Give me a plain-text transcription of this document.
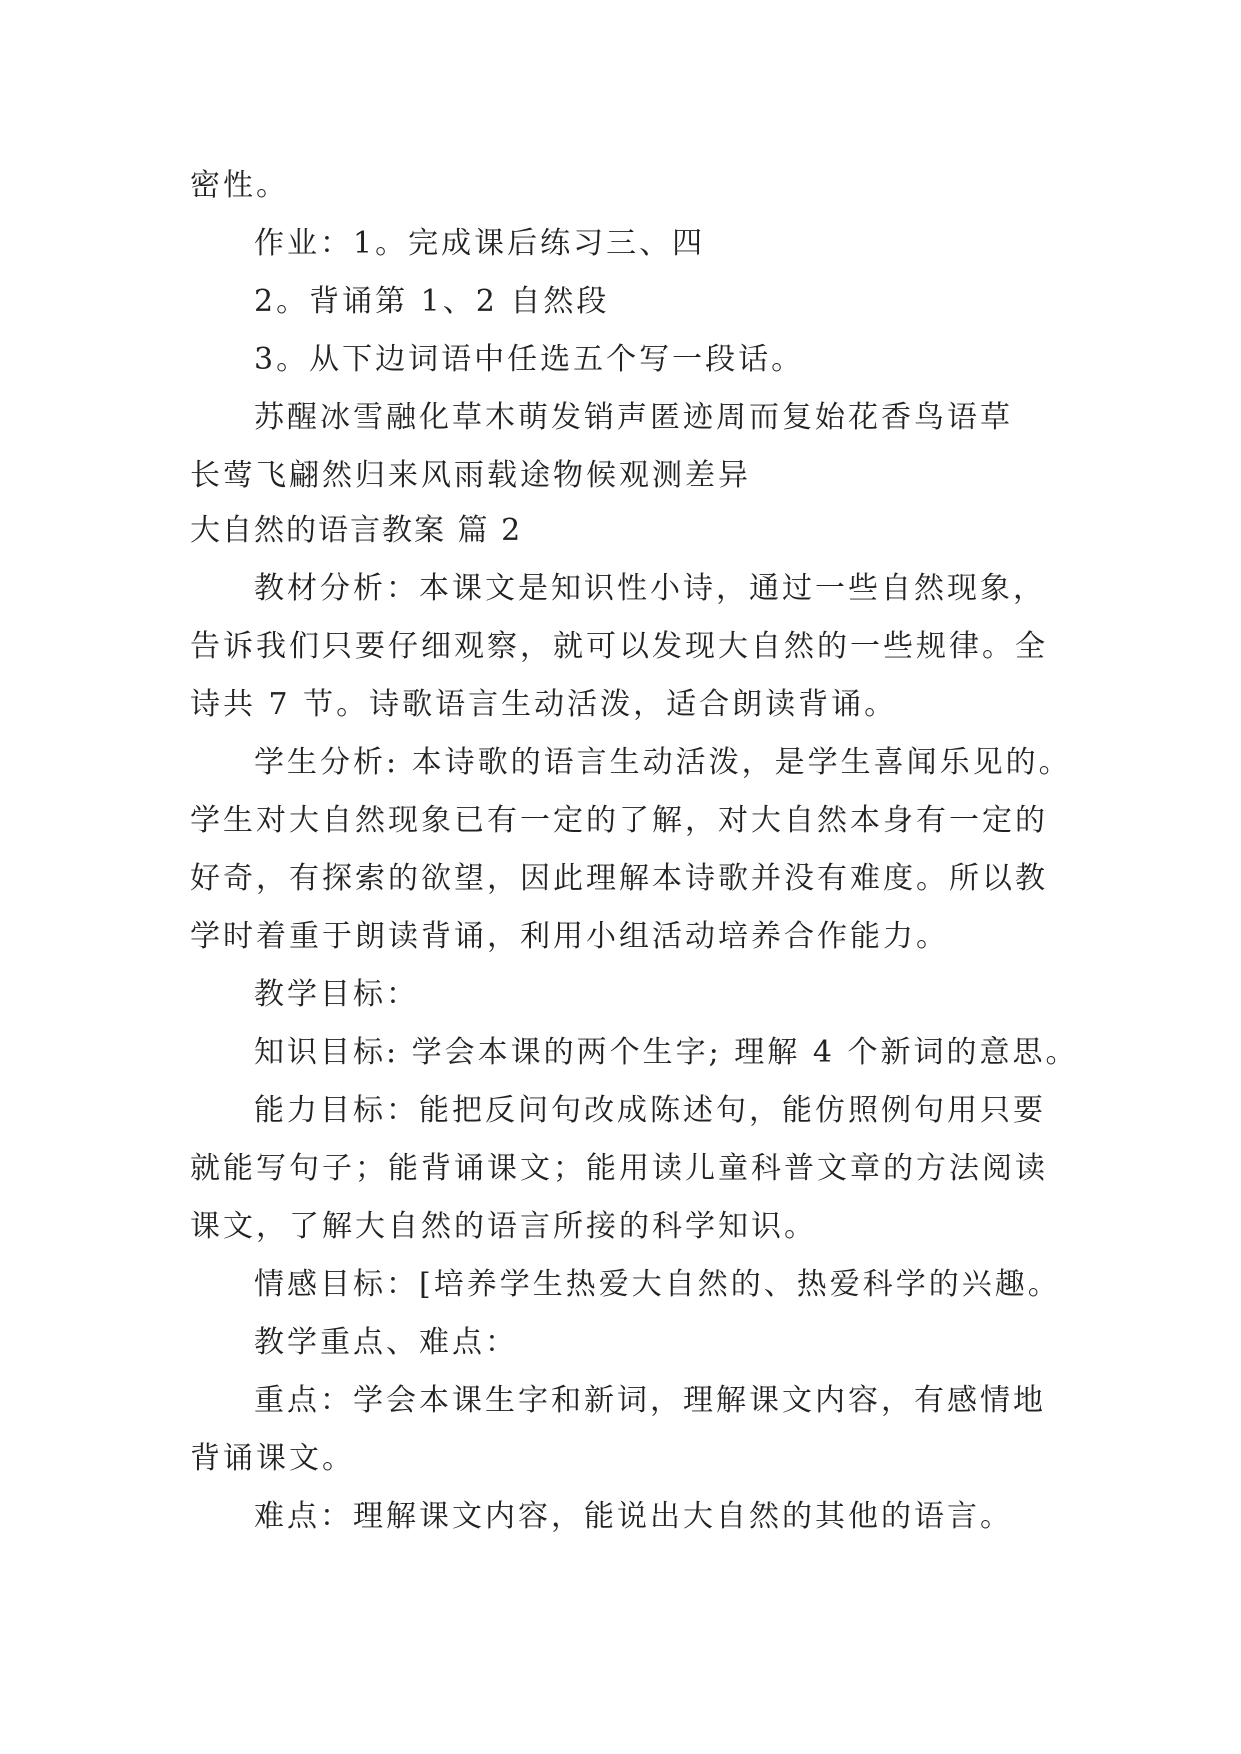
密性。
作业：1。完成课后练习三、四
2。背诵第 1、2 自然段
3。从下边词语中任选五个写一段话。
苏醒冰雪融化草木萌发销声匿迹周而复始花香鸟语草
长莺飞翩然归来风雨载途物候观测差异
大自然的语言教案 篇 2
教材分析：本课文是知识性小诗，通过一些自然现象，
告诉我们只要仔细观察，就可以发现大自然的一些规律。全
诗共 7 节。诗歌语言生动活泼，适合朗读背诵。
学生分析: 本诗歌的语言生动活泼，是学生喜闻乐见的。
学生对大自然现象已有一定的了解，对大自然本身有一定的
好奇，有探索的欲望，因此理解本诗歌并没有难度。所以教
学时着重于朗读背诵，利用小组活动培养合作能力。
教学目标：
知识目标: 学会本课的两个生字; 理解 4 个新词的意思。
能力目标：能把反问句改成陈述句，能仿照例句用只要
就能写句子；能背诵课文；能用读儿童科普文章的方法阅读
课文，了解大自然的语言所接的科学知识。
情感目标：[培养学生热爱大自然的、热爱科学的兴趣。
教学重点、难点：
重点：学会本课生字和新词，理解课文内容，有感情地
背诵课文。
难点：理解课文内容，能说出大自然的其他的语言。
